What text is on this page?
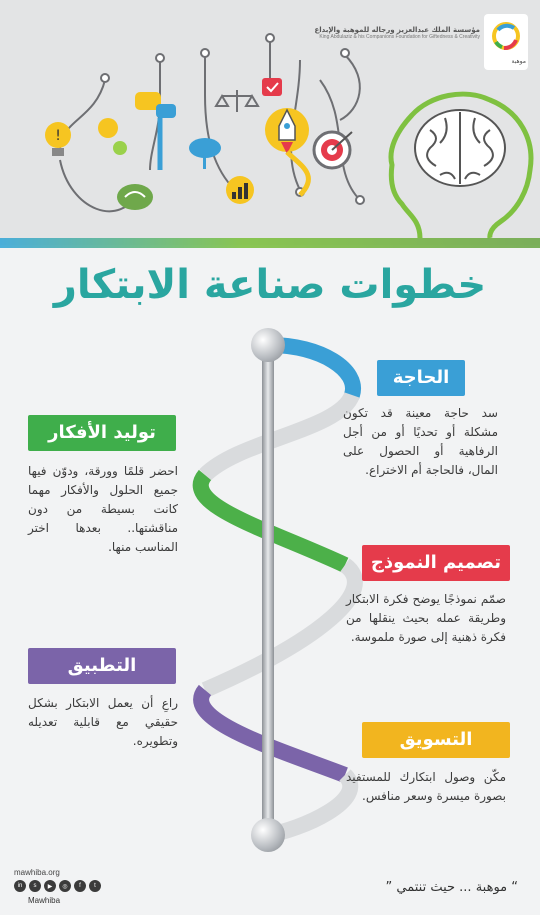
!
موهبة
مؤسسة الملك عبدالعزيز ورجاله للموهبة والإبداع
King Abdulaziz & his Companions Foundation for Giftedness & Creativity
خطوات صناعة الابتكار
الحاجة
سد حاجة معينة قد تكون مشكلة أو تحديًا أو من أجل الرفاهية أو الحصول على المال، فالحاجة أم الاختراع.
توليد الأفكار
احضر قلمًا وورقة، ودوّن فيها جميع الحلول والأفكار مهما كانت بسيطة من دون مناقشتها.. بعدها اختر المناسب منها.
تصميم النموذج
صمّم نموذجًا يوضح فكرة الابتكار وطريقة عمله بحيث ينقلها من فكرة ذهنية إلى صورة ملموسة.
التطبيق
راعِ أن يعمل الابتكار بشكل حقيقي مع قابلية تعديله وتطويره.	التسويق
مكّن وصول ابتكارك للمستفيد بصورة ميسرة وسعر منافس.
mawhiba.org
in	s	▶	◎	f	t
Mawhiba
“ موهبة ... حيث تنتمي ”
